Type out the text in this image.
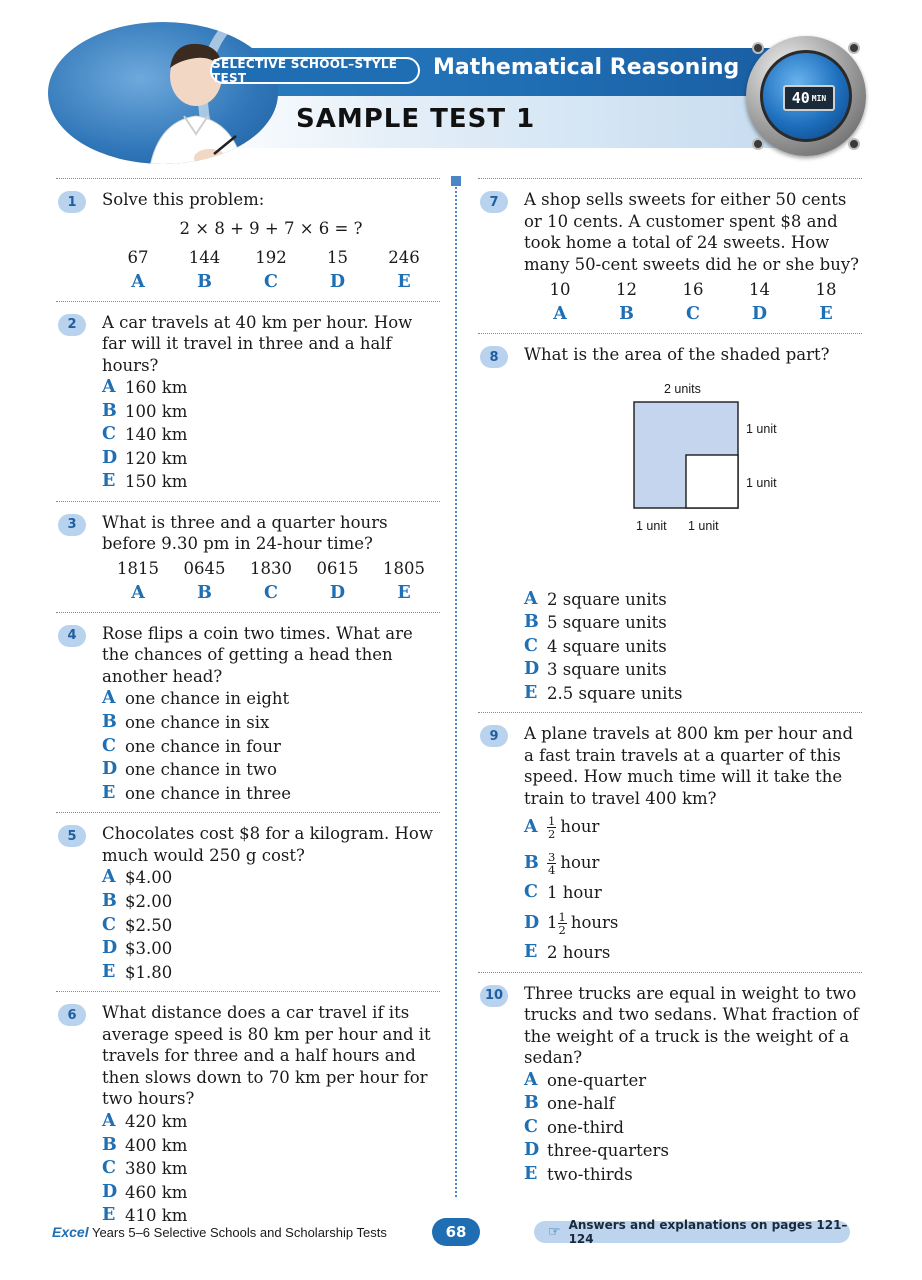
SELECTIVE SCHOOL–STYLE TEST	Mathematical Reasoning
SAMPLE TEST 1
40 MIN
1	Solve this problem:
2 × 8 + 9 + 7 × 6 = ?
67	144	192	15	246
A	B	C	D	E
2	A car travels at 40 km per hour. How far will it travel in three and a half hours?
A 160 km
B 100 km
C 140 km
D 120 km
E 150 km
3	What is three and a quarter hours before 9.30 pm in 24-hour time?
1815	0645	1830	0615	1805
A	B	C	D	E
4	Rose flips a coin two times. What are the chances of getting a head then another head?
A one chance in eight
B one chance in six
C one chance in four
D one chance in two
E one chance in three
5	Chocolates cost $8 for a kilogram. How much would 250 g cost?
A $4.00
B $2.00
C $2.50
D $3.00
E $1.80
6	What distance does a car travel if its average speed is 80 km per hour and it travels for three and a half hours and then slows down to 70 km per hour for two hours?
A 420 km
B 400 km
C 380 km
D 460 km
E 410 km
7	A shop sells sweets for either 50 cents or 10 cents. A customer spent $8 and took home a total of 24 sweets. How many 50-cent sweets did he or she buy?
10	12	16	14	18
A	B	C	D	E
8	What is the area of the shaded part?
2 units
1 unit
1 unit
1 unit 1 unit
A 2 square units
B 5 square units
C 4 square units
D 3 square units
E 2.5 square units
9	A plane travels at 800 km per hour and a fast train travels at a quarter of this speed. How much time will it take the train to travel 400 km?
A $\frac{1}{2}$ hour
B $\frac{3}{4}$ hour
C 1 hour
D $1 \frac{1}{2}$ hours
E 2 hours
10	Three trucks are equal in weight to two trucks and two sedans. What fraction of the weight of a truck is the weight of a sedan?
A one-quarter
B one-half
C one-third
D three-quarters
E two-thirds
Excel Years 5–6 Selective Schools and Scholarship Tests	68	☞ Answers and explanations on pages 121–124
